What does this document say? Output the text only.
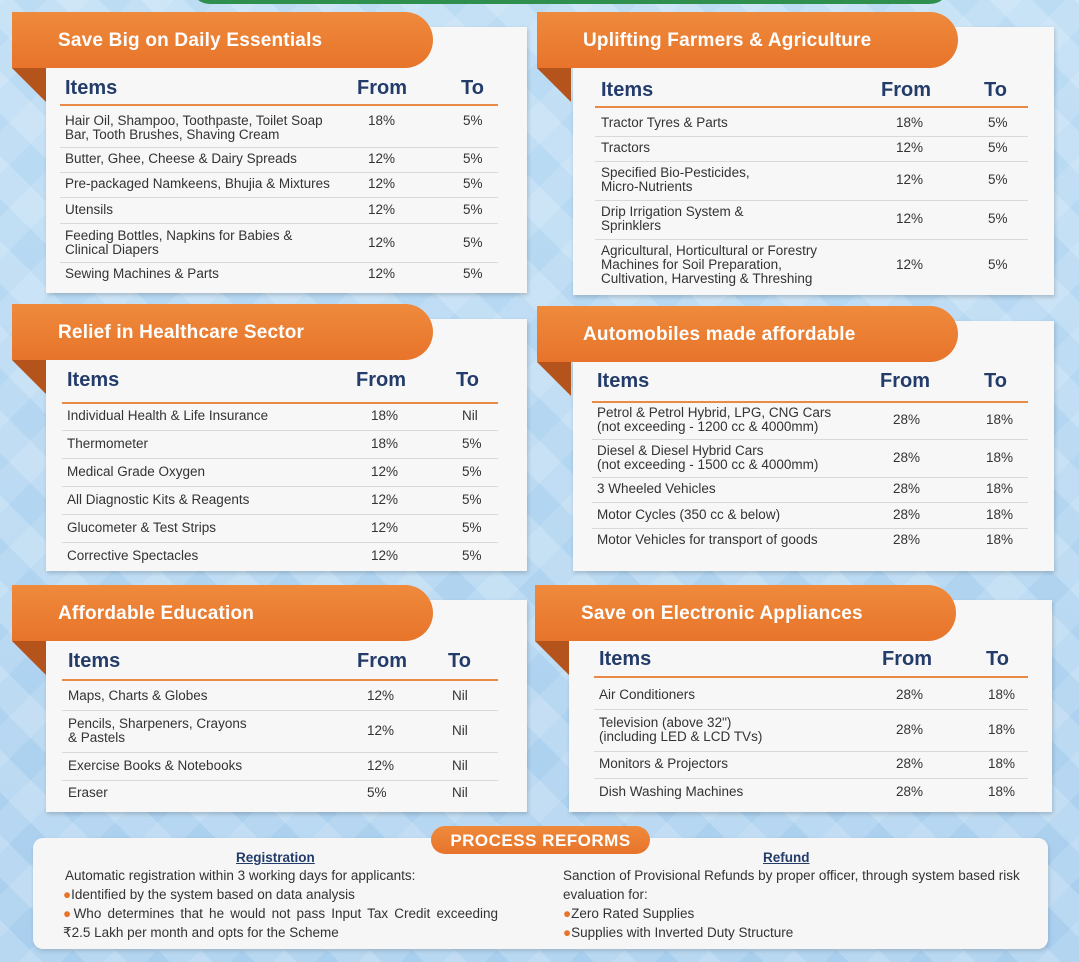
Save Big on Daily Essentials
Items	From	To
Hair Oil, Shampoo, Toothpaste, Toilet Soap
Bar, Tooth Brushes, Shaving Cream
18%	5%
Butter, Ghee, Cheese & Dairy Spreads	12%	5%
Pre-packaged Namkeens, Bhujia & Mixtures	12%	5%
Utensils	12%	5%
Feeding Bottles, Napkins for Babies &
Clinical Diapers	12%	5%
Sewing Machines & Parts	12%	5%
Uplifting Farmers & Agriculture
Items	From	To
Tractor Tyres & Parts	18%	5%
Tractors	12%	5%
Specified Bio-Pesticides,
Micro-Nutrients	12%	5%
Drip Irrigation System &
Sprinklers	12%	5%
Agricultural, Horticultural or Forestry
Machines for Soil Preparation,
Cultivation, Harvesting & Threshing
12%	5%
Relief in Healthcare Sector
Items	From	To
Individual Health & Life Insurance	18%	Nil
Thermometer	18%	5%
Medical Grade Oxygen	12%	5%
All Diagnostic Kits & Reagents	12%	5%
Glucometer & Test Strips	12%	5%
Corrective Spectacles	12%	5%
Automobiles made affordable
Items	From	To
Petrol & Petrol Hybrid, LPG, CNG Cars
(not exceeding - 1200 cc & 4000mm)	28%	18%
Diesel & Diesel Hybrid Cars
(not exceeding - 1500 cc & 4000mm)	28%	18%
3 Wheeled Vehicles	28%	18%
Motor Cycles (350 cc & below)	28%	18%
Motor Vehicles for transport of goods	28%	18%
Affordable Education
Items	From To
Maps, Charts & Globes	12%	Nil
Pencils, Sharpeners, Crayons
& Pastels	12%	Nil
Exercise Books & Notebooks	12%	Nil
Eraser	5%	Nil
Save on Electronic Appliances
Items	From	To
Air Conditioners	28%	18%
Television (above 32")
(including LED & LCD TVs)	28%	18%
Monitors & Projectors	28%	18%
Dish Washing Machines	28%	18%
PROCESS REFORMS
Registration
Automatic registration within 3 working days for applicants:
●Identified by the system based on data analysis
●Who determines that he would not pass Input Tax Credit exceeding ₹2.5 Lakh per month and opts for the Scheme
Refund
Sanction of Provisional Refunds by proper officer, through system based risk evaluation for:
●Zero Rated Supplies
●Supplies with Inverted Duty Structure
